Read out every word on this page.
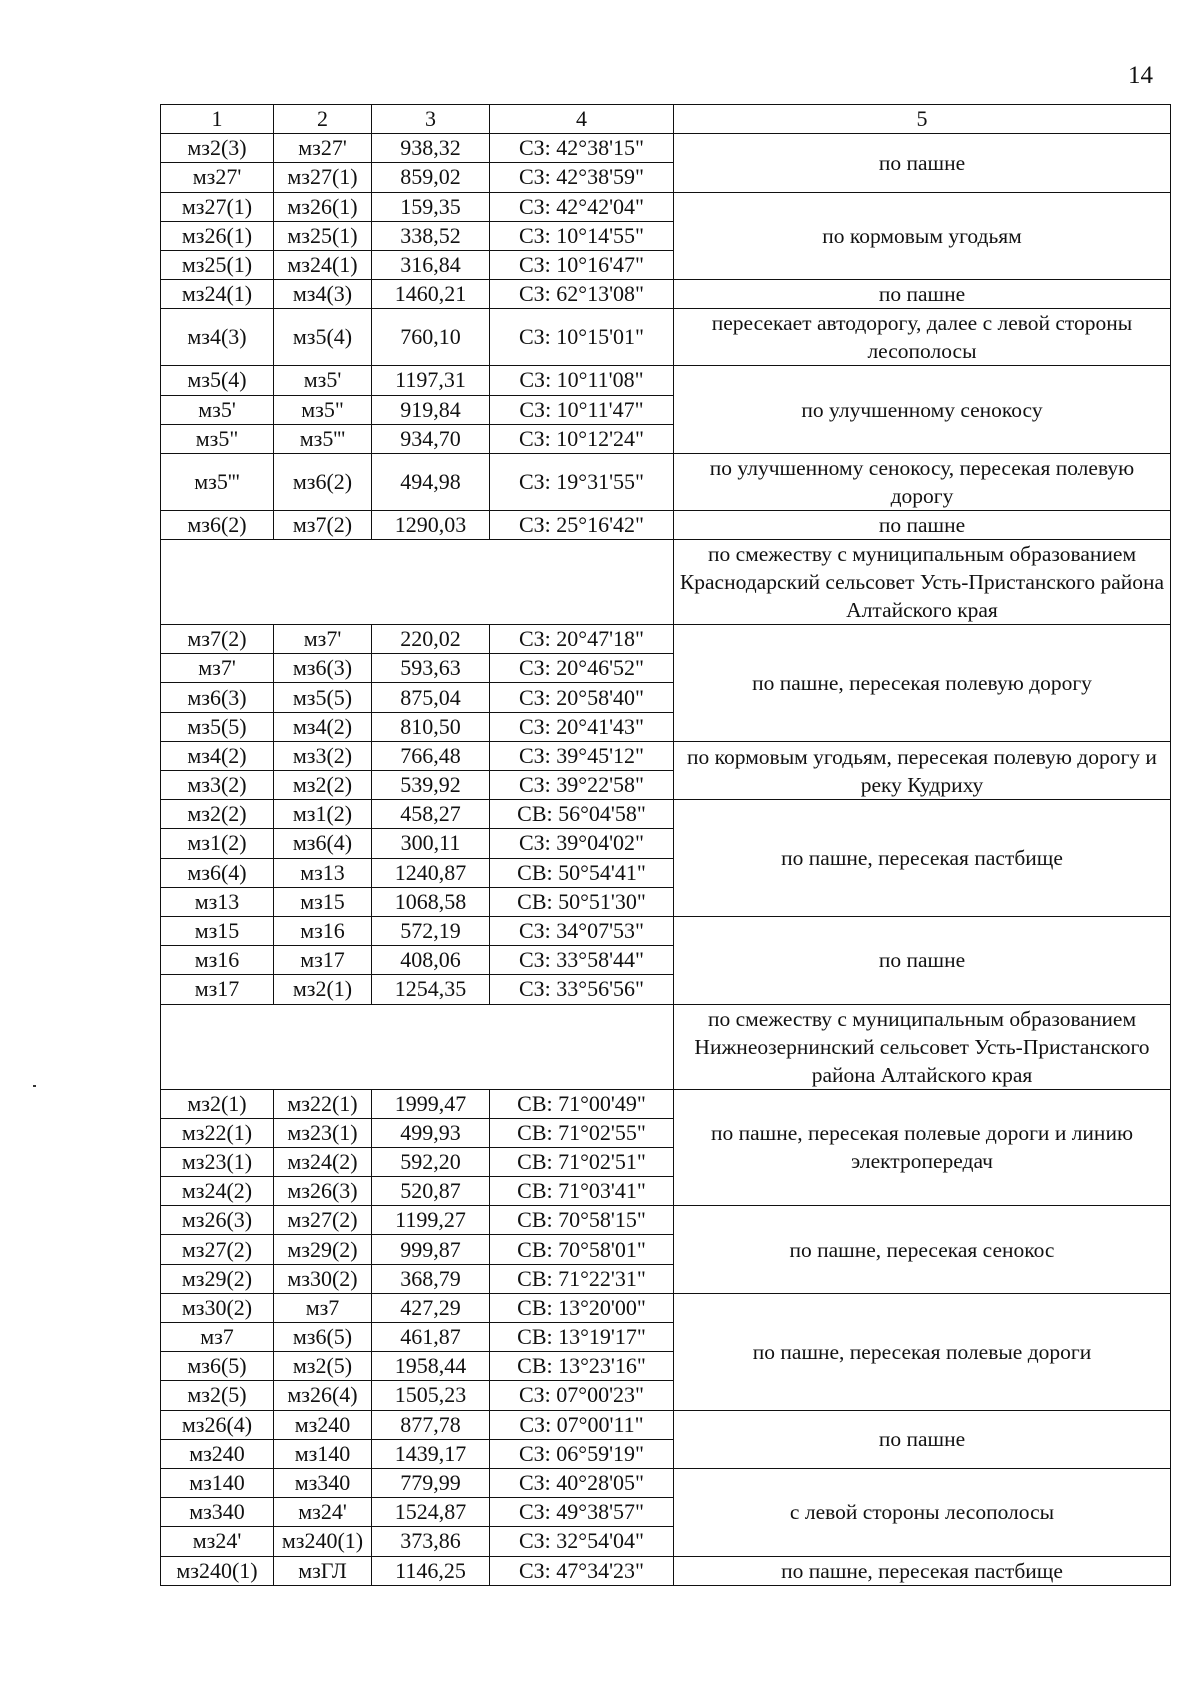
14
1	2	3	4	5
мз2(3)	мз27'	938,32	СЗ: 42°38'15"	по пашне
мз27'	мз27(1)	859,02	СЗ: 42°38'59"	
мз27(1)	мз26(1)	159,35	СЗ: 42°42'04"	по кормовым угодьям
мз26(1)	мз25(1)	338,52	СЗ: 10°14'55"	
мз25(1)	мз24(1)	316,84	СЗ: 10°16'47"	
мз24(1)	мз4(3)	1460,21	СЗ: 62°13'08"	по пашне
мз4(3)	мз5(4)	760,10	СЗ: 10°15'01"	пересекает автодорогу, далее с левой стороны лесополосы
мз5(4)	мз5'	1197,31	СЗ: 10°11'08"	по улучшенному сенокосу
мз5'	мз5"	919,84	СЗ: 10°11'47"	
мз5"	мз5'''	934,70	СЗ: 10°12'24"	
мз5'''	мз6(2)	494,98	СЗ: 19°31'55"	по улучшенному сенокосу, пересекая полевую дорогу
мз6(2)	мз7(2)	1290,03	СЗ: 25°16'42"	по пашне
				по смежеству с муниципальным образованием Краснодарский сельсовет Усть-Пристанского района Алтайского края
мз7(2)	мз7'	220,02	СЗ: 20°47'18"	по пашне, пересекая полевую дорогу
мз7'	мз6(3)	593,63	СЗ: 20°46'52"	
мз6(3)	мз5(5)	875,04	СЗ: 20°58'40"	
мз5(5)	мз4(2)	810,50	СЗ: 20°41'43"	
мз4(2)	мз3(2)	766,48	СЗ: 39°45'12"	по кормовым угодьям, пересекая полевую дорогу и реку Кудриху
мз3(2)	мз2(2)	539,92	СЗ: 39°22'58"	
мз2(2)	мз1(2)	458,27	СВ: 56°04'58"	по пашне, пересекая пастбище
мз1(2)	мз6(4)	300,11	СЗ: 39°04'02"	
мз6(4)	мз13	1240,87	СВ: 50°54'41"	
мз13	мз15	1068,58	СВ: 50°51'30"	
мз15	мз16	572,19	СЗ: 34°07'53"	по пашне
мз16	мз17	408,06	СЗ: 33°58'44"	
мз17	мз2(1)	1254,35	СЗ: 33°56'56"	
				по смежеству с муниципальным образованием Нижнеозернинский сельсовет Усть-Пристанского района Алтайского края
мз2(1)	мз22(1)	1999,47	СВ: 71°00'49"	по пашне, пересекая полевые дороги и линию электропередач
мз22(1)	мз23(1)	499,93	СВ: 71°02'55"	
мз23(1)	мз24(2)	592,20	СВ: 71°02'51"	
мз24(2)	мз26(3)	520,87	СВ: 71°03'41"	
мз26(3)	мз27(2)	1199,27	СВ: 70°58'15"	по пашне, пересекая сенокос
мз27(2)	мз29(2)	999,87	СВ: 70°58'01"	
мз29(2)	мз30(2)	368,79	СВ: 71°22'31"	
мз30(2)	мз7	427,29	СВ: 13°20'00"	по пашне, пересекая полевые дороги
мз7	мз6(5)	461,87	СВ: 13°19'17"	
мз6(5)	мз2(5)	1958,44	СВ: 13°23'16"	
мз2(5)	мз26(4)	1505,23	СЗ: 07°00'23"	
мз26(4)	мз240	877,78	СЗ: 07°00'11"	по пашне
мз240	мз140	1439,17	СЗ: 06°59'19"	
мз140	мз340	779,99	СЗ: 40°28'05"	с левой стороны лесополосы
мз340	мз24'	1524,87	СЗ: 49°38'57"	
мз24'	мз240(1)	373,86	СЗ: 32°54'04"	
мз240(1)	мзГЛ	1146,25	СЗ: 47°34'23"	по пашне, пересекая пастбище
